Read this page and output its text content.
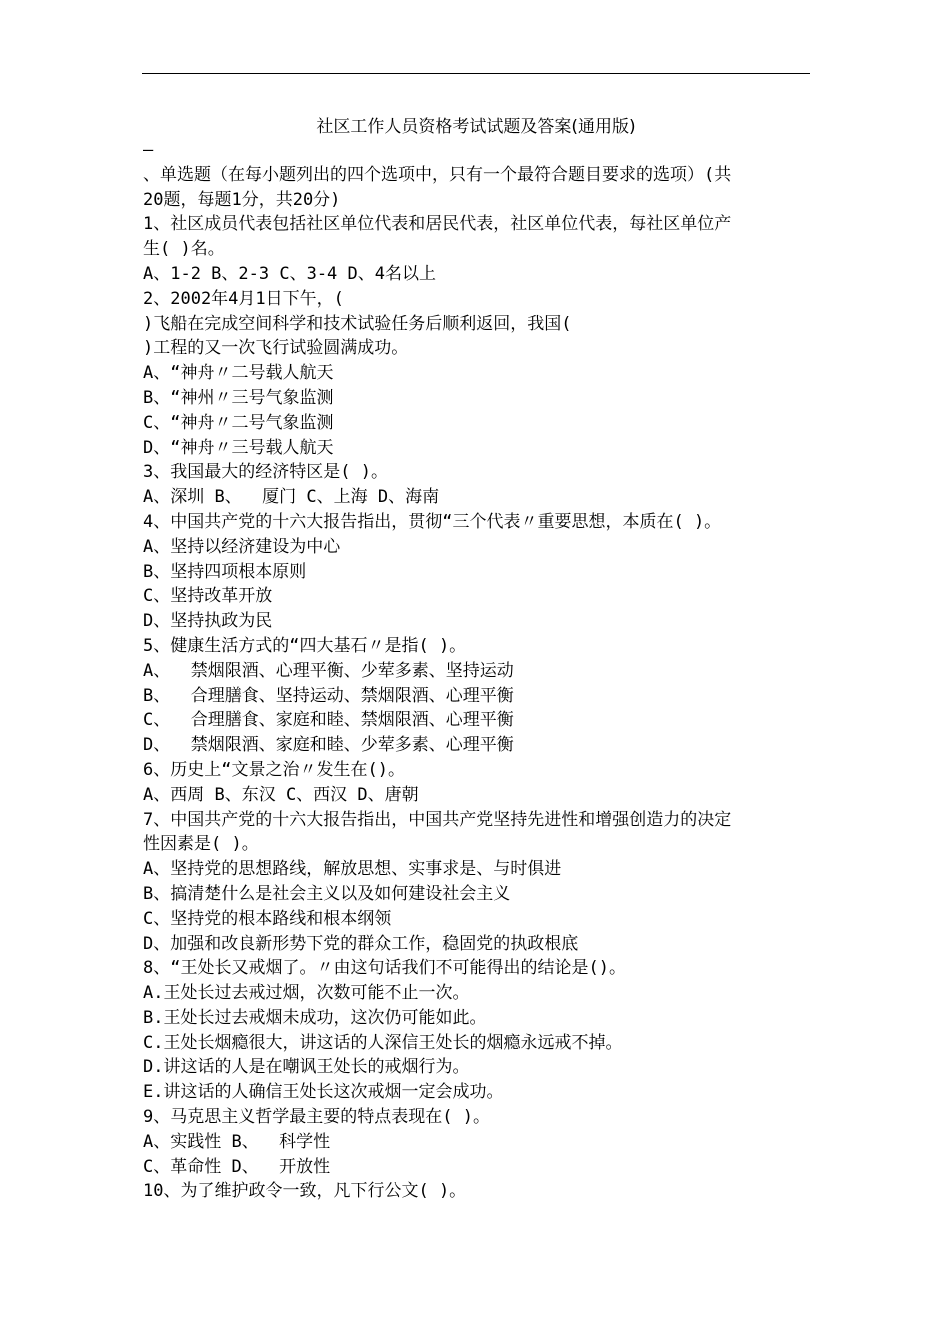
社区工作人员资格考试试题及答案(通用版)
—
、单选题（在每小题列出的四个选项中，只有一个最符合题目要求的选项）(共
20题，每题1分，共20分)
1、社区成员代表包括社区单位代表和居民代表，社区单位代表，每社区单位产
生( )名。
A、1-2 B、2-3 C、3-4 D、4名以上
2、2002年4月1日下午，(
)飞船在完成空间科学和技术试验任务后顺利返回，我国(
)工程的又一次飞行试验圆满成功。
A、“神舟〃二号载人航天
B、“神州〃三号气象监测
C、“神舟〃二号气象监测
D、“神舟〃三号载人航天
3、我国最大的经济特区是( )。
A、深圳 B、  厦门 C、上海 D、海南
4、中国共产党的十六大报告指出，贯彻“三个代表〃重要思想，本质在( )。
A、坚持以经济建设为中心
B、坚持四项根本原则
C、坚持改革开放
D、坚持执政为民
5、健康生活方式的“四大基石〃是指( )。
A、  禁烟限酒、心理平衡、少荤多素、坚持运动
B、  合理膳食、坚持运动、禁烟限酒、心理平衡
C、  合理膳食、家庭和睦、禁烟限酒、心理平衡
D、  禁烟限酒、家庭和睦、少荤多素、心理平衡
6、历史上“文景之治〃发生在()。
A、西周 B、东汉 C、西汉 D、唐朝
7、中国共产党的十六大报告指出，中国共产党坚持先进性和增强创造力的决定
性因素是( )。
A、坚持党的思想路线，解放思想、实事求是、与时俱进
B、搞清楚什么是社会主义以及如何建设社会主义
C、坚持党的根本路线和根本纲领
D、加强和改良新形势下党的群众工作，稳固党的执政根底
8、“王处长又戒烟了。〃由这句话我们不可能得出的结论是()。
A.王处长过去戒过烟，次数可能不止一次。
B.王处长过去戒烟未成功，这次仍可能如此。
C.王处长烟瘾很大，讲这话的人深信王处长的烟瘾永远戒不掉。
D.讲这话的人是在嘲讽王处长的戒烟行为。
E.讲这话的人确信王处长这次戒烟一定会成功。
9、马克思主义哲学最主要的特点表现在( )。
A、实践性 B、  科学性
C、革命性 D、  开放性
10、为了维护政令一致，凡下行公文( )。
